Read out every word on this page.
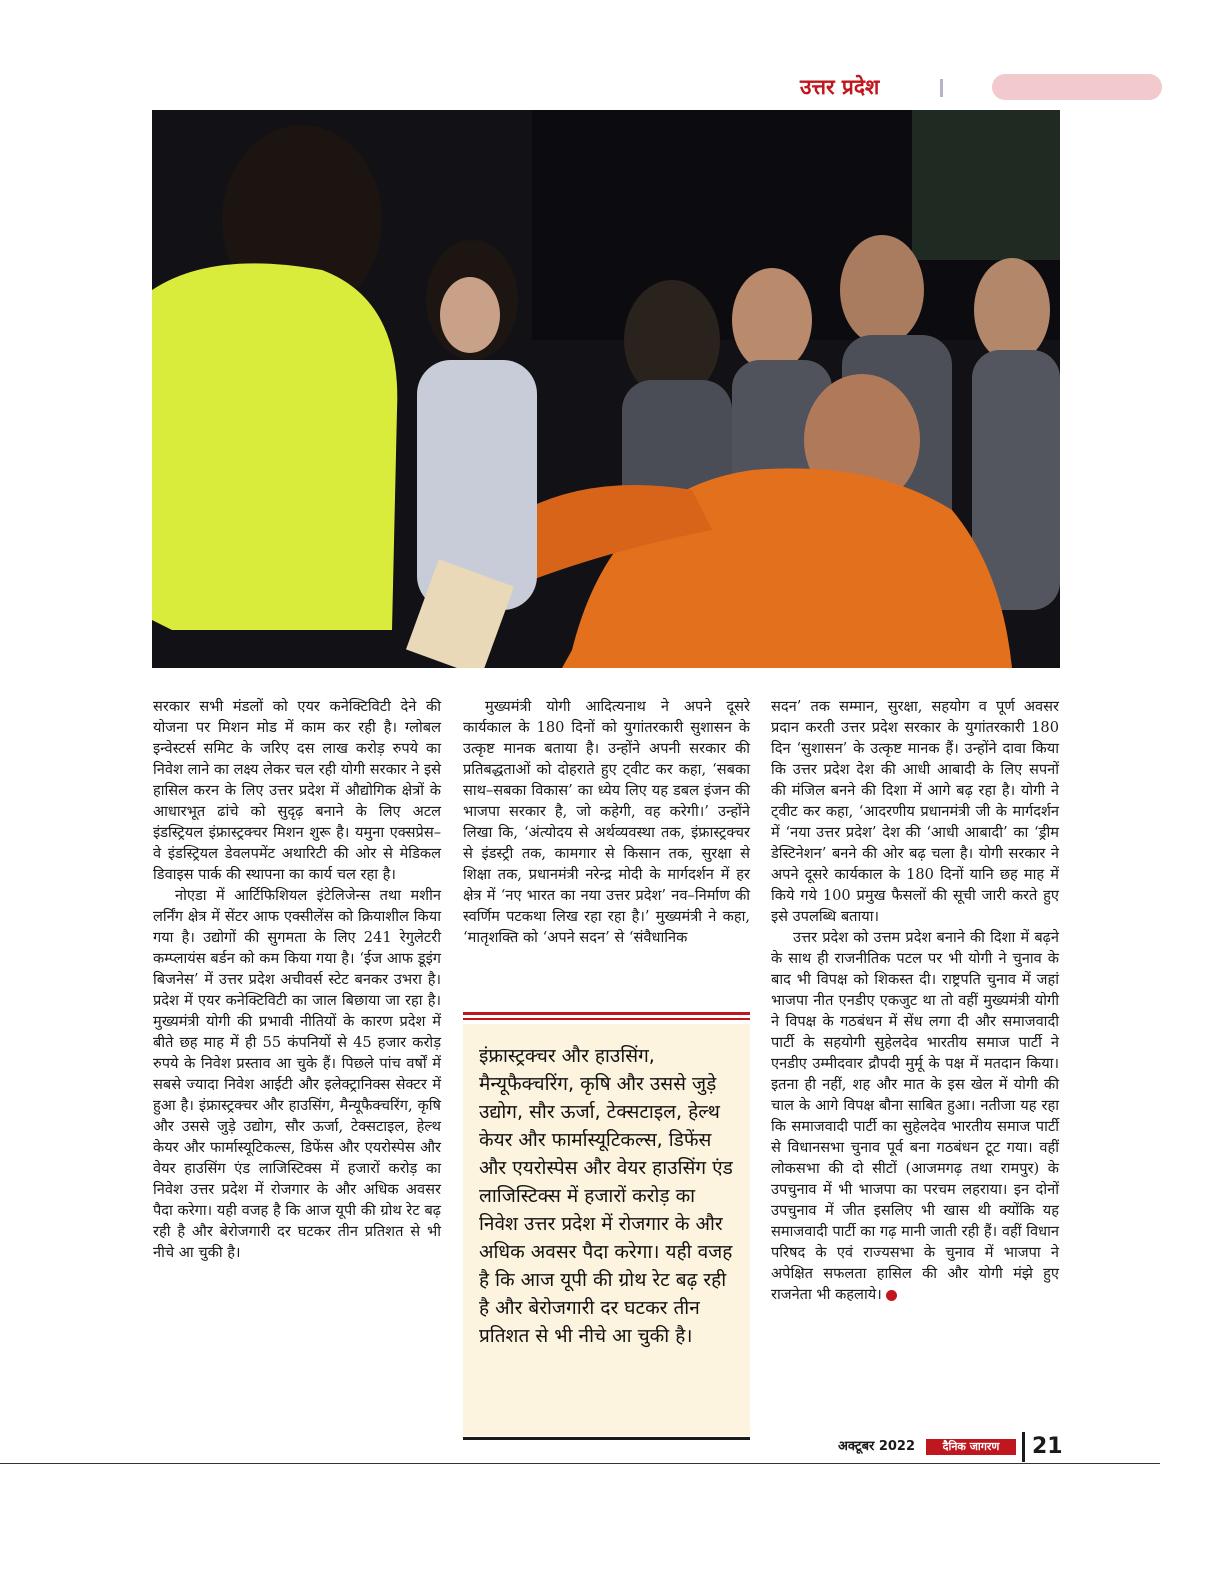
उत्तर प्रदेश

सरकार सभी मंडलों को एयर कनेक्टिविटी देने की योजना पर मिशन मोड में काम कर रही है। ग्लोबल इन्वेस्टर्स समिट के जरिए दस लाख करोड़ रुपये का निवेश लाने का लक्ष्य लेकर चल रही योगी सरकार ने इसे हासिल करन के लिए उत्तर प्रदेश में औद्योगिक क्षेत्रों के आधारभूत ढांचे को सुदृढ़ बनाने के लिए अटल इंडस्ट्रियल इंफ्रास्ट्रक्चर मिशन शुरू है। यमुना एक्सप्रेस–वे इंडस्ट्रियल डेवलपमेंट अथारिटी की ओर से मेडिकल डिवाइस पार्क की स्थापना का कार्य चल रहा है।

नोएडा में आर्टिफिशियल इंटेलिजेन्स तथा मशीन लर्निंग क्षेत्र में सेंटर आफ एक्सीलेंस को क्रियाशील किया गया है। उद्योगों की सुगमता के लिए 241 रेगुलेटरी कम्प्लायंस बर्डन को कम किया गया है। ‘ईज आफ डूइंग बिजनेस’ में उत्तर प्रदेश अचीवर्स स्टेट बनकर उभरा है। प्रदेश में एयर कनेक्टिविटी का जाल बिछाया जा रहा है। मुख्यमंत्री योगी की प्रभावी नीतियों के कारण प्रदेश में बीते छह माह में ही 55 कंपनियों से 45 हजार करोड़ रुपये के निवेश प्रस्ताव आ चुके हैं। पिछले पांच वर्षों में सबसे ज्यादा निवेश आईटी और इलेक्ट्रानिक्स सेक्टर में हुआ है। इंफ्रास्ट्रक्चर और हाउसिंग, मैन्यूफैक्चरिंग, कृषि और उससे जुड़े उद्योग, सौर ऊर्जा, टेक्सटाइल, हेल्थ केयर और फार्मास्यूटिकल्स, डिफेंस और एयरोस्पेस और वेयर हाउसिंग एंड लाजिस्टिक्स में हजारों करोड़ का निवेश उत्तर प्रदेश में रोजगार के और अधिक अवसर पैदा करेगा। यही वजह है कि आज यूपी की ग्रोथ रेट बढ़ रही है और बेरोजगारी दर घटकर तीन प्रतिशत से भी नीचे आ चुकी है।

मुख्यमंत्री योगी आदित्यनाथ ने अपने दूसरे कार्यकाल के 180 दिनों को युगांतरकारी सुशासन के उत्कृष्ट मानक बताया है। उन्होंने अपनी सरकार की प्रतिबद्धताओं को दोहराते हुए ट्वीट कर कहा, ‘सबका साथ–सबका विकास’ का ध्येय लिए यह डबल इंजन की भाजपा सरकार है, जो कहेगी, वह करेगी।’ उन्होंने लिखा कि, ‘अंत्योदय से अर्थव्यवस्था तक, इंफ्रास्ट्रक्चर से इंडस्ट्री तक, कामगार से किसान तक, सुरक्षा से शिक्षा तक, प्रधानमंत्री नरेन्द्र मोदी के मार्गदर्शन में हर क्षेत्र में ‘नए भारत का नया उत्तर प्रदेश’ नव–निर्माण की स्वर्णिम पटकथा लिख रहा रहा है।’ मुख्यमंत्री ने कहा, ‘मातृशक्ति को ‘अपने सदन’ से ‘संवैधानिक

इंफ्रास्ट्रक्चर और हाउसिंग, मैन्यूफैक्चरिंग, कृषि और उससे जुड़े उद्योग, सौर ऊर्जा, टेक्सटाइल, हेल्थ केयर और फार्मास्यूटिकल्स, डिफेंस और एयरोस्पेस और वेयर हाउसिंग एंड लाजिस्टिक्स में हजारों करोड़ का निवेश उत्तर प्रदेश में रोजगार के और अधिक अवसर पैदा करेगा। यही वजह है कि आज यूपी की ग्रोथ रेट बढ़ रही है और बेरोजगारी दर घटकर तीन प्रतिशत से भी नीचे आ चुकी है।

सदन’ तक सम्मान, सुरक्षा, सहयोग व पूर्ण अवसर प्रदान करती उत्तर प्रदेश सरकार के युगांतरकारी 180 दिन ‘सुशासन’ के उत्कृष्ट मानक हैं। उन्होंने दावा किया कि उत्तर प्रदेश देश की आधी आबादी के लिए सपनों की मंजिल बनने की दिशा में आगे बढ़ रहा है। योगी ने ट्वीट कर कहा, ‘आदरणीय प्रधानमंत्री जी के मार्गदर्शन में ‘नया उत्तर प्रदेश’ देश की ‘आधी आबादी’ का ‘ड्रीम डेस्टिनेशन’ बनने की ओर बढ़ चला है। योगी सरकार ने अपने दूसरे कार्यकाल के 180 दिनों यानि छह माह में किये गये 100 प्रमुख फैसलों की सूची जारी करते हुए इसे उपलब्धि बताया।

उत्तर प्रदेश को उत्तम प्रदेश बनाने की दिशा में बढ़ने के साथ ही राजनीतिक पटल पर भी योगी ने चुनाव के बाद भी विपक्ष को शिकस्त दी। राष्ट्रपति चुनाव में जहां भाजपा नीत एनडीए एकजुट था तो वहीं मुख्यमंत्री योगी ने विपक्ष के गठबंधन में सेंध लगा दी और समाजवादी पार्टी के सहयोगी सुहेलदेव भारतीय समाज पार्टी ने एनडीए उम्मीदवार द्रौपदी मुर्मू के पक्ष में मतदान किया। इतना ही नहीं, शह और मात के इस खेल में योगी की चाल के आगे विपक्ष बौना साबित हुआ। नतीजा यह रहा कि समाजवादी पार्टी का सुहेलदेव भारतीय समाज पार्टी से विधानसभा चुनाव पूर्व बना गठबंधन टूट गया। वहीं लोकसभा की दो सीटों (आजमगढ़ तथा रामपुर) के उपचुनाव में भी भाजपा का परचम लहराया। इन दोनों उपचुनाव में जीत इसलिए भी खास थी क्योंकि यह समाजवादी पार्टी का गढ़ मानी जाती रही हैं। वहीं विधान परिषद के एवं राज्यसभा के चुनाव में भाजपा ने अपेक्षित सफलता हासिल की और योगी मंझे हुए राजनेता भी कहलाये।

अक्टूबर 2022	दैनिक जागरण	21
